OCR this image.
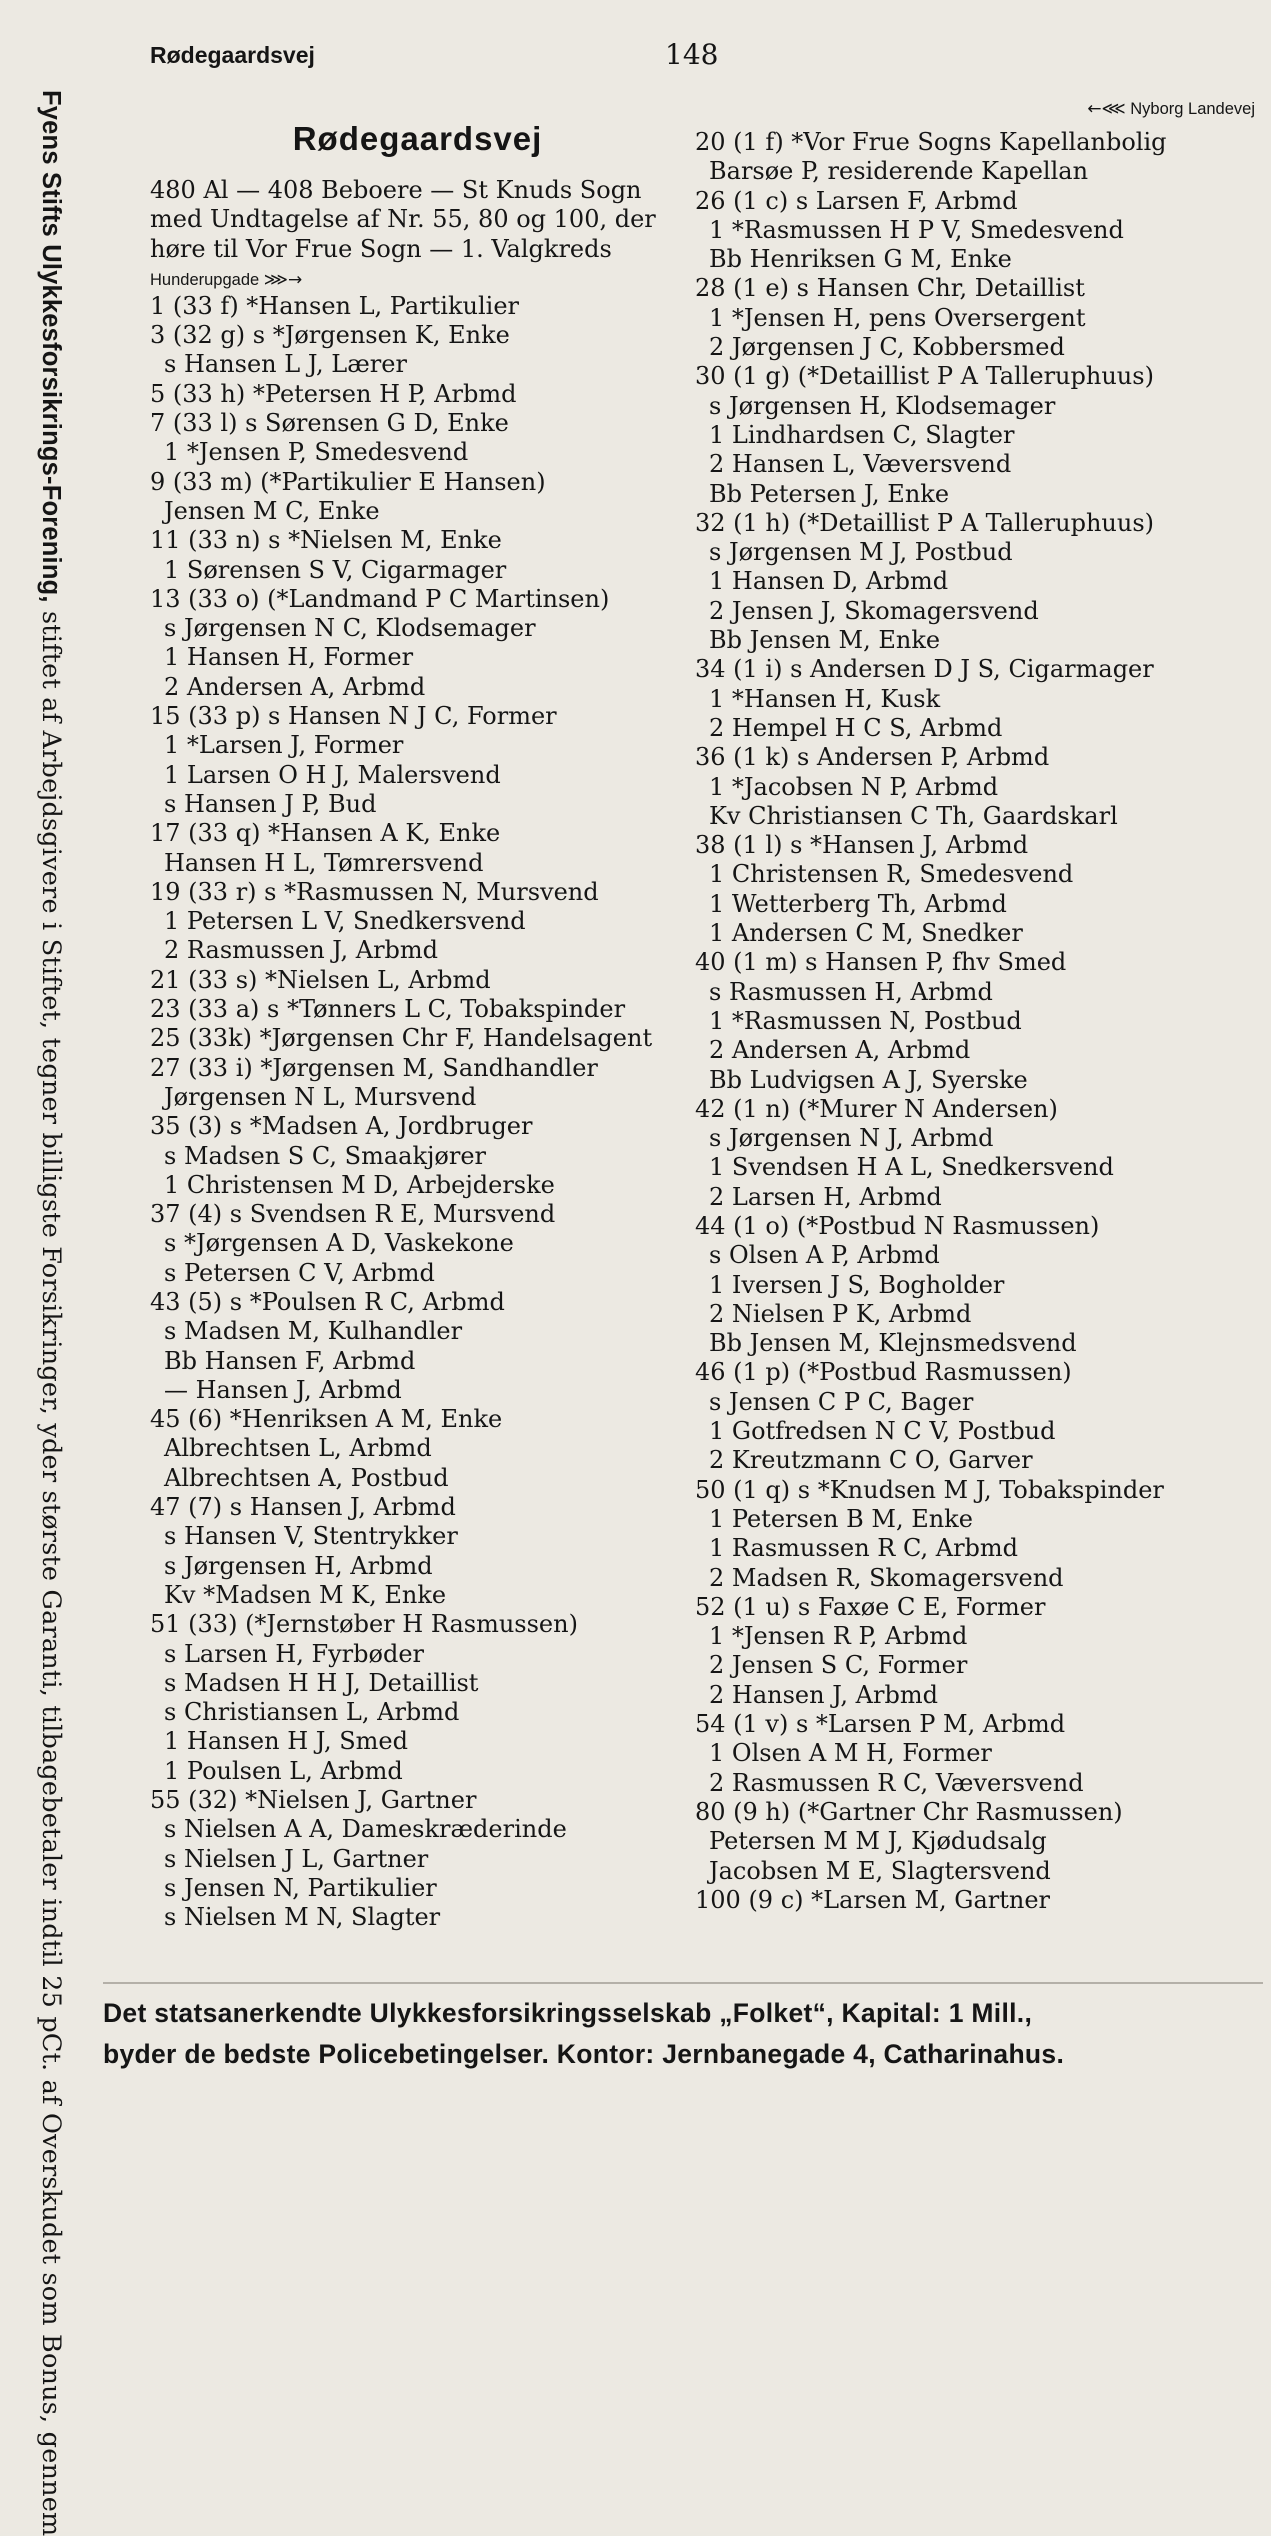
Rødegaardsvej	148
Fyens Stifts Ulykkesforsikrings-Forening, stiftet af Arbejdsgivere i Stiftet, tegner billigste Forsikringer, yder største Garanti, tilbagebetaler indtil 25 pCt. af Overskudet som Bonus, gennem
Rødegaardsvej
480 Al — 408 Beboere — St Knuds Sogn
med Undtagelse af Nr. 55, 80 og 100, der
høre til Vor Frue Sogn — 1. Valgkreds
Hunderupgade ⋙→
1 (33 f) *Hansen L, Partikulier
3 (32 g) s *Jørgensen K, Enke
s Hansen L J, Lærer
5 (33 h) *Petersen H P, Arbmd
7 (33 l) s Sørensen G D, Enke
1 *Jensen P, Smedesvend
9 (33 m) (*Partikulier E Hansen)
Jensen M C, Enke
11 (33 n) s *Nielsen M, Enke
1 Sørensen S V, Cigarmager
13 (33 o) (*Landmand P C Martinsen)
s Jørgensen N C, Klodsemager
1 Hansen H, Former
2 Andersen A, Arbmd
15 (33 p) s Hansen N J C, Former
1 *Larsen J, Former
1 Larsen O H J, Malersvend
s Hansen J P, Bud
17 (33 q) *Hansen A K, Enke
Hansen H L, Tømrersvend
19 (33 r) s *Rasmussen N, Mursvend
1 Petersen L V, Snedkersvend
2 Rasmussen J, Arbmd
21 (33 s) *Nielsen L, Arbmd
23 (33 a) s *Tønners L C, Tobakspinder
25 (33k) *Jørgensen Chr F, Handelsagent
27 (33 i) *Jørgensen M, Sandhandler
Jørgensen N L, Mursvend
35 (3) s *Madsen A, Jordbruger
s Madsen S C, Smaakjører
1 Christensen M D, Arbejderske
37 (4) s Svendsen R E, Mursvend
s *Jørgensen A D, Vaskekone
s Petersen C V, Arbmd
43 (5) s *Poulsen R C, Arbmd
s Madsen M, Kulhandler
Bb Hansen F, Arbmd
— Hansen J, Arbmd
45 (6) *Henriksen A M, Enke
Albrechtsen L, Arbmd
Albrechtsen A, Postbud
47 (7) s Hansen J, Arbmd
s Hansen V, Stentrykker
s Jørgensen H, Arbmd
Kv *Madsen M K, Enke
51 (33) (*Jernstøber H Rasmussen)
s Larsen H, Fyrbøder
s Madsen H H J, Detaillist
s Christiansen L, Arbmd
1 Hansen H J, Smed
1 Poulsen L, Arbmd
55 (32) *Nielsen J, Gartner
s Nielsen A A, Dameskræderinde
s Nielsen J L, Gartner
s Jensen N, Partikulier
s Nielsen M N, Slagter
←⋘ Nyborg Landevej
20 (1 f) *Vor Frue Sogns Kapellanbolig
Barsøe P, residerende Kapellan
26 (1 c) s Larsen F, Arbmd
1 *Rasmussen H P V, Smedesvend
Bb Henriksen G M, Enke
28 (1 e) s Hansen Chr, Detaillist
1 *Jensen H, pens Oversergent
2 Jørgensen J C, Kobbersmed
30 (1 g) (*Detaillist P A Talleruphuus)
s Jørgensen H, Klodsemager
1 Lindhardsen C, Slagter
2 Hansen L, Væversvend
Bb Petersen J, Enke
32 (1 h) (*Detaillist P A Talleruphuus)
s Jørgensen M J, Postbud
1 Hansen D, Arbmd
2 Jensen J, Skomagersvend
Bb Jensen M, Enke
34 (1 i) s Andersen D J S, Cigarmager
1 *Hansen H, Kusk
2 Hempel H C S, Arbmd
36 (1 k) s Andersen P, Arbmd
1 *Jacobsen N P, Arbmd
Kv Christiansen C Th, Gaardskarl
38 (1 l) s *Hansen J, Arbmd
1 Christensen R, Smedesvend
1 Wetterberg Th, Arbmd
1 Andersen C M, Snedker
40 (1 m) s Hansen P, fhv Smed
s Rasmussen H, Arbmd
1 *Rasmussen N, Postbud
2 Andersen A, Arbmd
Bb Ludvigsen A J, Syerske
42 (1 n) (*Murer N Andersen)
s Jørgensen N J, Arbmd
1 Svendsen H A L, Snedkersvend
2 Larsen H, Arbmd
44 (1 o) (*Postbud N Rasmussen)
s Olsen A P, Arbmd
1 Iversen J S, Bogholder
2 Nielsen P K, Arbmd
Bb Jensen M, Klejnsmedsvend
46 (1 p) (*Postbud Rasmussen)
s Jensen C P C, Bager
1 Gotfredsen N C V, Postbud
2 Kreutzmann C O, Garver
50 (1 q) s *Knudsen M J, Tobakspinder
1 Petersen B M, Enke
1 Rasmussen R C, Arbmd
2 Madsen R, Skomagersvend
52 (1 u) s Faxøe C E, Former
1 *Jensen R P, Arbmd
2 Jensen S C, Former
2 Hansen J, Arbmd
54 (1 v) s *Larsen P M, Arbmd
1 Olsen A M H, Former
2 Rasmussen R C, Væversvend
80 (9 h) (*Gartner Chr Rasmussen)
Petersen M M J, Kjødudsalg
Jacobsen M E, Slagtersvend
100 (9 c) *Larsen M, Gartner
Det statsanerkendte Ulykkesforsikringsselskab „Folket“, Kapital: 1 Mill.,
byder de bedste Policebetingelser. Kontor: Jernbanegade 4, Catharinahus.
